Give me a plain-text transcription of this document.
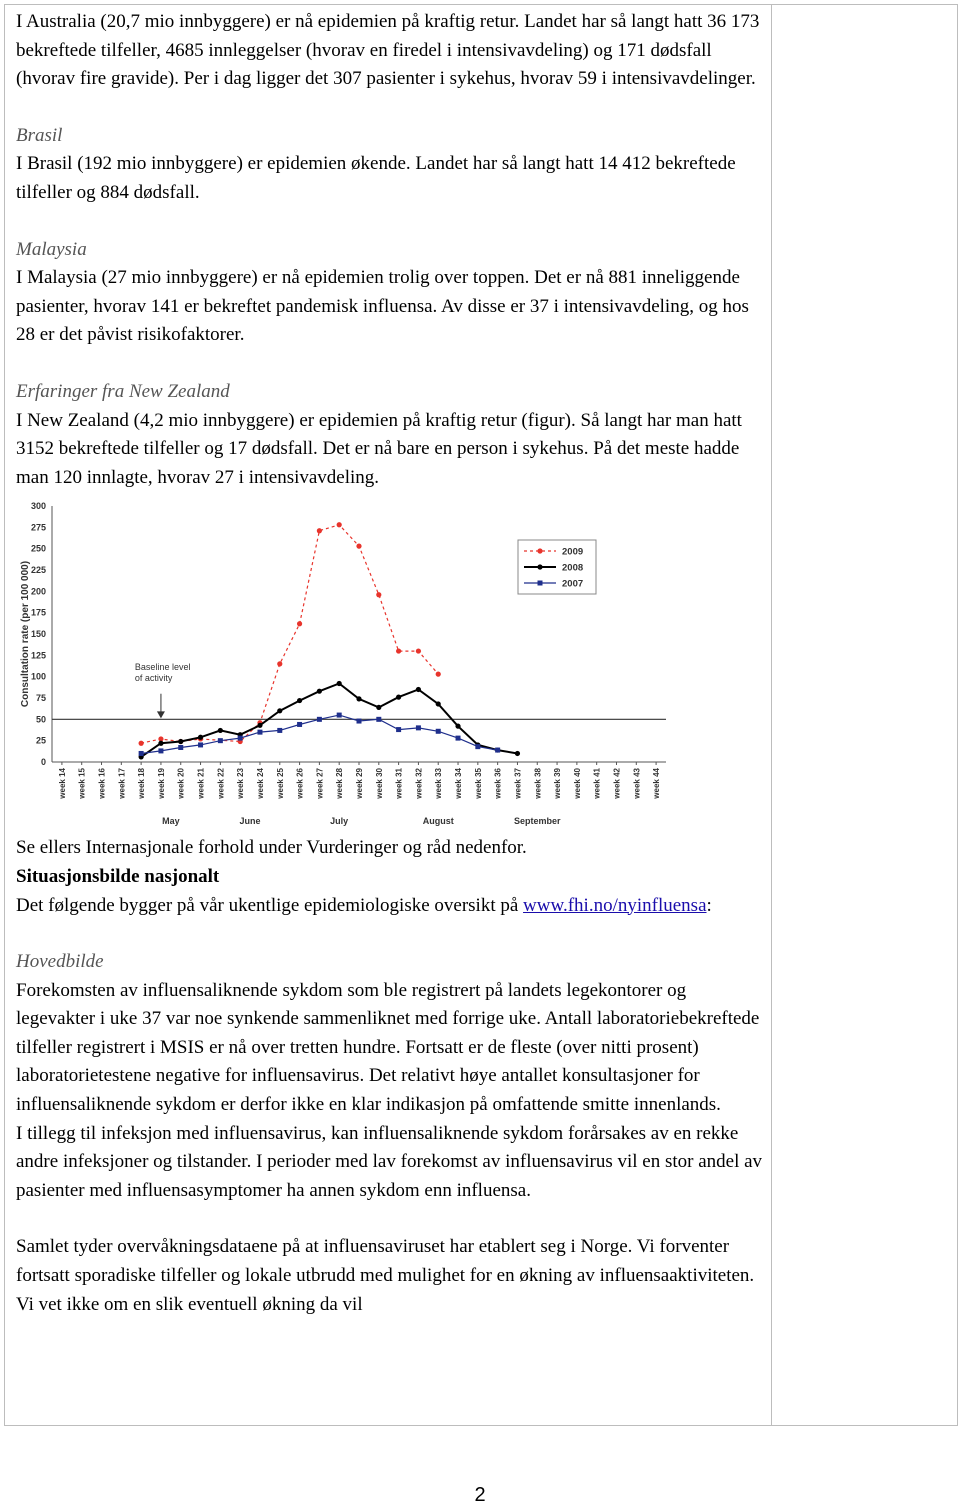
I Australia (20,7 mio innbyggere) er nå epidemien på kraftig retur. Landet har så langt hatt 36 173 bekreftede tilfeller, 4685 innleggelser (hvorav en firedel i intensivavdeling) og 171 dødsfall (hvorav fire gravide). Per i dag ligger det 307 pasienter i sykehus, hvorav 59 i intensivavdelinger.

Brasil

I Brasil (192 mio innbyggere) er epidemien økende. Landet har så langt hatt 14 412 bekreftede tilfeller og 884 dødsfall.

Malaysia

I Malaysia (27 mio innbyggere) er nå epidemien trolig over toppen. Det er nå 881 inneliggende pasienter, hvorav 141 er bekreftet pandemisk influensa. Av disse er 37 i intensivavdeling, og hos 28 er det påvist risikofaktorer.

Erfaringer fra New Zealand

I New Zealand (4,2 mio innbyggere) er epidemien på kraftig retur (figur). Så langt har man hatt 3152 bekreftede tilfeller og 17 dødsfall. Det er nå bare en person i sykehus. På det meste hadde man 120 innlagte, hvorav 27 i intensivavdeling.

Consultation rate (per 100 000)
0
25
50
75
100
125
150
175
200
225
250
275
300
Baseline level
of activity
week 14 week 15 week 16 week 17 week 18 week 19 week 20 week 21 week 22 week 23 week 24 week 25 week 26 week 27 week 28 week 29 week 30 week 31 week 32 week 33 week 34 week 35 week 36 week 37 week 38 week 39 week 40 week 41 week 42 week 43 week 44
May	June	July	August	September
2009
2008
2007

Se ellers Internasjonale forhold under Vurderinger og råd nedenfor.

Situasjonsbilde nasjonalt

Det følgende bygger på vår ukentlige epidemiologiske oversikt på www.fhi.no/nyinfluensa:

Hovedbilde

Forekomsten av influensaliknende sykdom som ble registrert på landets legekontorer og legevakter i uke 37 var noe synkende sammenliknet med forrige uke. Antall laboratoriebekreftede tilfeller registrert i MSIS er nå over tretten hundre. Fortsatt er de fleste (over nitti prosent) laboratorietestene negative for influensavirus. Det relativt høye antallet konsultasjoner for influensaliknende sykdom er derfor ikke en klar indikasjon på omfattende smitte innenlands.

I tillegg til infeksjon med influensavirus, kan influensaliknende sykdom forårsakes av en rekke andre infeksjoner og tilstander. I perioder med lav forekomst av influensavirus vil en stor andel av pasienter med influensasymptomer ha annen sykdom enn influensa.

Samlet tyder overvåkningsdataene på at influensaviruset har etablert seg i Norge. Vi forventer fortsatt sporadiske tilfeller og lokale utbrudd med mulighet for en økning av influensaaktiviteten. Vi vet ikke om en slik eventuell økning da vil

2
